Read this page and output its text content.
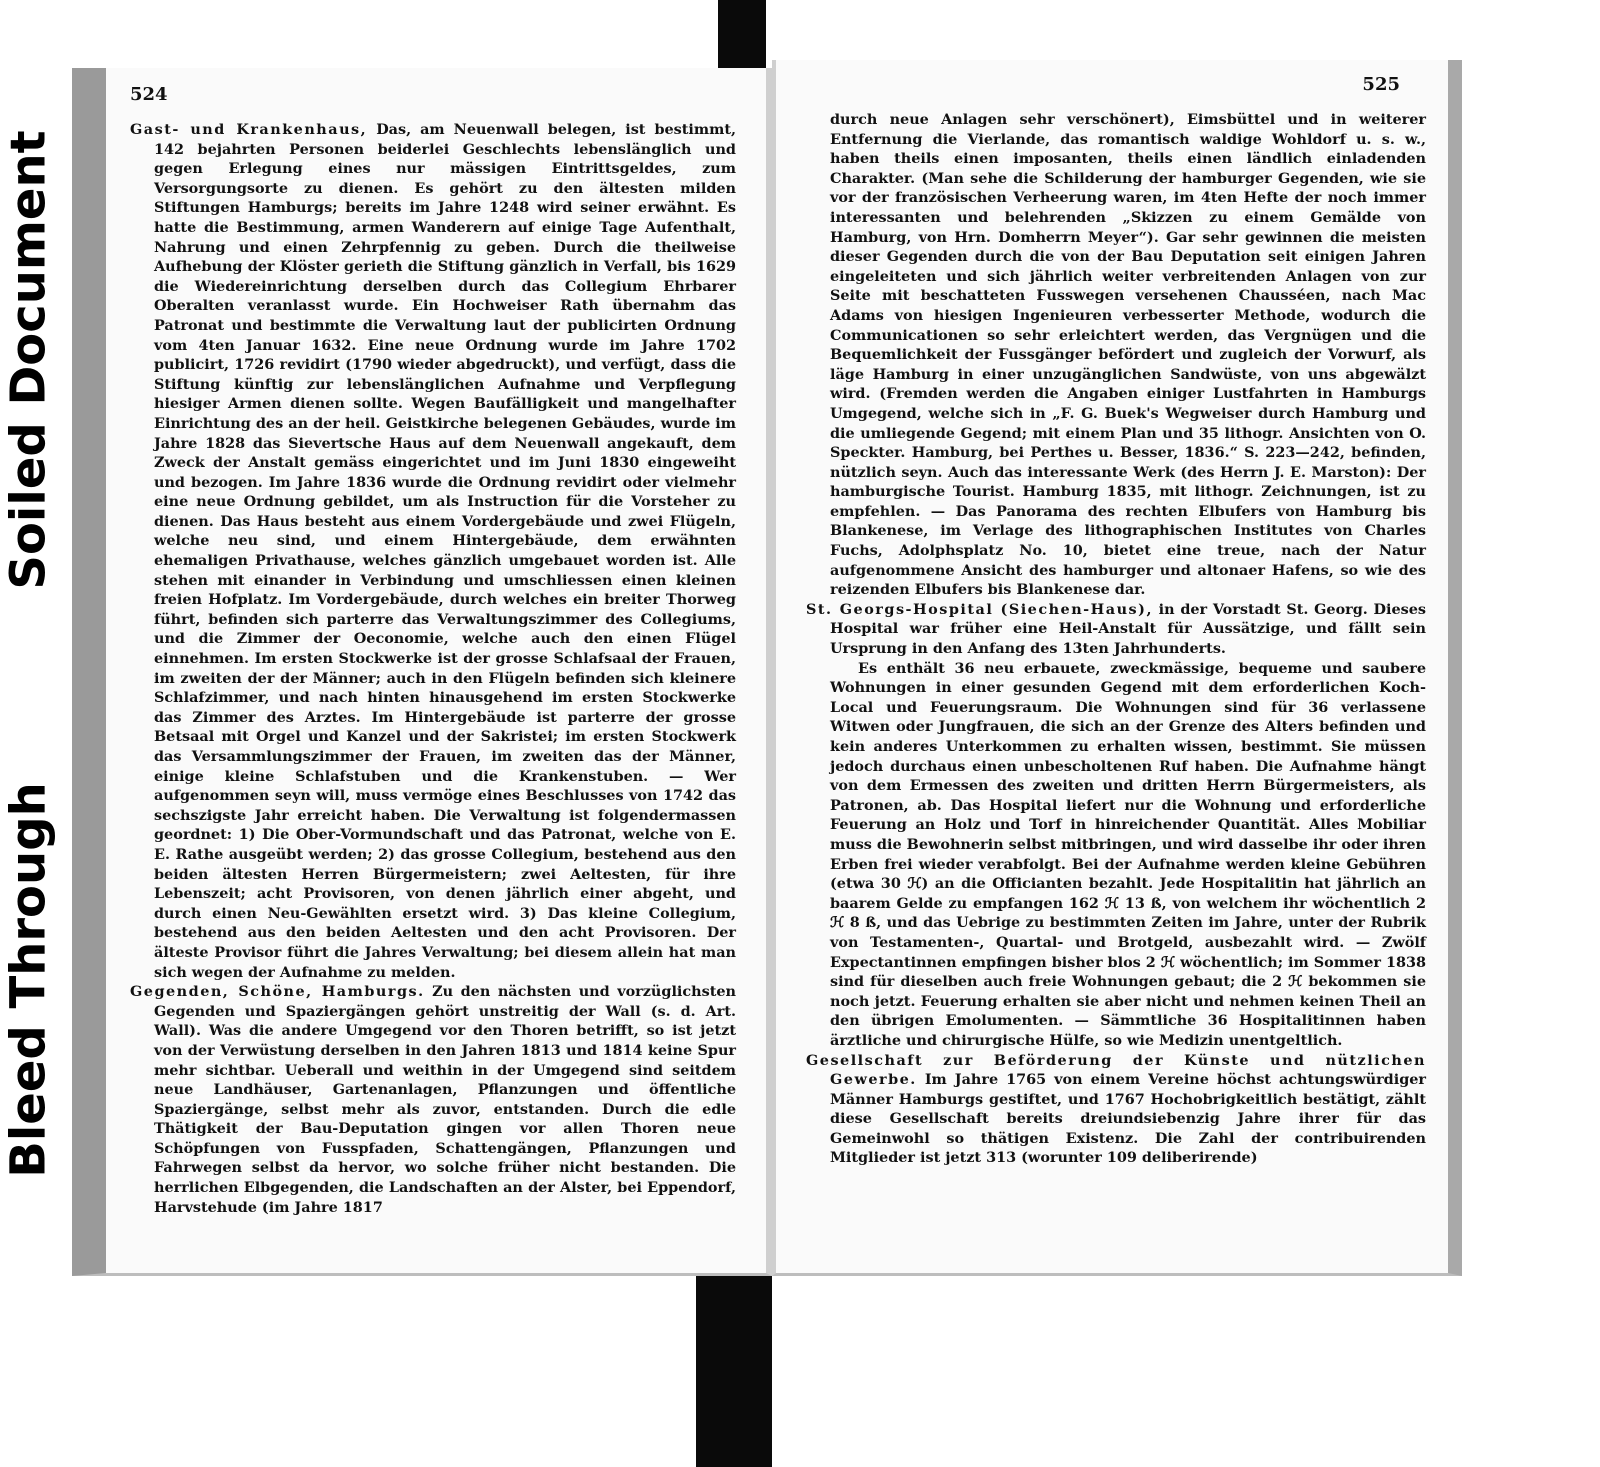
Soiled Document
Bleed Through
524

Gast- und Krankenhaus, Das, am Neuenwall belegen, ist bestimmt, 142 bejahrten Personen beiderlei Geschlechts lebenslänglich und gegen Erlegung eines nur mässigen Eintrittsgeldes, zum Versorgungsorte zu dienen. Es gehört zu den ältesten milden Stiftungen Hamburgs; bereits im Jahre 1248 wird seiner erwähnt. Es hatte die Bestimmung, armen Wanderern auf einige Tage Aufenthalt, Nahrung und einen Zehrpfennig zu geben. Durch die theilweise Aufhebung der Klöster gerieth die Stiftung gänzlich in Verfall, bis 1629 die Wiedereinrichtung derselben durch das Collegium Ehrbarer Oberalten veranlasst wurde. Ein Hochweiser Rath übernahm das Patronat und bestimmte die Verwaltung laut der publicirten Ordnung vom 4ten Januar 1632. Eine neue Ordnung wurde im Jahre 1702 publicirt, 1726 revidirt (1790 wieder abgedruckt), und verfügt, dass die Stiftung künftig zur lebenslänglichen Aufnahme und Verpflegung hiesiger Armen dienen sollte. Wegen Baufälligkeit und mangelhafter Einrichtung des an der heil. Geistkirche belegenen Gebäudes, wurde im Jahre 1828 das Sievertsche Haus auf dem Neuenwall angekauft, dem Zweck der Anstalt gemäss eingerichtet und im Juni 1830 eingeweiht und bezogen. Im Jahre 1836 wurde die Ordnung revidirt oder vielmehr eine neue Ordnung gebildet, um als Instruction für die Vorsteher zu dienen. Das Haus besteht aus einem Vordergebäude und zwei Flügeln, welche neu sind, und einem Hintergebäude, dem erwähnten ehemaligen Privathause, welches gänzlich umgebauet worden ist. Alle stehen mit einander in Verbindung und umschliessen einen kleinen freien Hofplatz. Im Vordergebäude, durch welches ein breiter Thorweg führt, befinden sich parterre das Verwaltungszimmer des Collegiums, und die Zimmer der Oeconomie, welche auch den einen Flügel einnehmen. Im ersten Stockwerke ist der grosse Schlafsaal der Frauen, im zweiten der der Männer; auch in den Flügeln befinden sich kleinere Schlafzimmer, und nach hinten hinausgehend im ersten Stockwerke das Zimmer des Arztes. Im Hintergebäude ist parterre der grosse Betsaal mit Orgel und Kanzel und der Sakristei; im ersten Stockwerk das Versammlungszimmer der Frauen, im zweiten das der Männer, einige kleine Schlafstuben und die Krankenstuben. — Wer aufgenommen seyn will, muss vermöge eines Beschlusses von 1742 das sechszigste Jahr erreicht haben. Die Verwaltung ist folgendermassen geordnet: 1) Die Ober-Vormundschaft und das Patronat, welche von E. E. Rathe ausgeübt werden; 2) das grosse Collegium, bestehend aus den beiden ältesten Herren Bürgermeistern; zwei Aeltesten, für ihre Lebenszeit; acht Provisoren, von denen jährlich einer abgeht, und durch einen Neu-Gewählten ersetzt wird. 3) Das kleine Collegium, bestehend aus den beiden Aeltesten und den acht Provisoren. Der älteste Provisor führt die Jahres Verwaltung; bei diesem allein hat man sich wegen der Aufnahme zu melden.

Gegenden, Schöne, Hamburgs. Zu den nächsten und vorzüglichsten Gegenden und Spaziergängen gehört unstreitig der Wall (s. d. Art. Wall). Was die andere Umgegend vor den Thoren betrifft, so ist jetzt von der Verwüstung derselben in den Jahren 1813 und 1814 keine Spur mehr sichtbar. Ueberall und weithin in der Umgegend sind seitdem neue Landhäuser, Gartenanlagen, Pflanzungen und öffentliche Spaziergänge, selbst mehr als zuvor, entstanden. Durch die edle Thätigkeit der Bau-Deputation gingen vor allen Thoren neue Schöpfungen von Fusspfaden, Schattengängen, Pflanzungen und Fahrwegen selbst da hervor, wo solche früher nicht bestanden. Die herrlichen Elbgegenden, die Landschaften an der Alster, bei Eppendorf, Harvstehude (im Jahre 1817

525

durch neue Anlagen sehr verschönert), Eimsbüttel und in weiterer Entfernung die Vierlande, das romantisch waldige Wohldorf u. s. w., haben theils einen imposanten, theils einen ländlich einladenden Charakter. (Man sehe die Schilderung der hamburger Gegenden, wie sie vor der französischen Verheerung waren, im 4ten Hefte der noch immer interessanten und belehrenden „Skizzen zu einem Gemälde von Hamburg, von Hrn. Domherrn Meyer“). Gar sehr gewinnen die meisten dieser Gegenden durch die von der Bau Deputation seit einigen Jahren eingeleiteten und sich jährlich weiter verbreitenden Anlagen von zur Seite mit beschatteten Fusswegen versehenen Chausséen, nach Mac Adams von hiesigen Ingenieuren verbesserter Methode, wodurch die Communicationen so sehr erleichtert werden, das Vergnügen und die Bequemlichkeit der Fussgänger befördert und zugleich der Vorwurf, als läge Hamburg in einer unzugänglichen Sandwüste, von uns abgewälzt wird. (Fremden werden die Angaben einiger Lustfahrten in Hamburgs Umgegend, welche sich in „F. G. Buek's Wegweiser durch Hamburg und die umliegende Gegend; mit einem Plan und 35 lithogr. Ansichten von O. Speckter. Hamburg, bei Perthes u. Besser, 1836.“ S. 223—242, befinden, nützlich seyn. Auch das interessante Werk (des Herrn J. E. Marston): Der hamburgische Tourist. Hamburg 1835, mit lithogr. Zeichnungen, ist zu empfehlen. — Das Panorama des rechten Elbufers von Hamburg bis Blankenese, im Verlage des lithographischen Institutes von Charles Fuchs, Adolphsplatz No. 10, bietet eine treue, nach der Natur aufgenommene Ansicht des hamburger und altonaer Hafens, so wie des reizenden Elbufers bis Blankenese dar.

St. Georgs-Hospital (Siechen-Haus), in der Vorstadt St. Georg. Dieses Hospital war früher eine Heil-Anstalt für Aussätzige, und fällt sein Ursprung in den Anfang des 13ten Jahrhunderts.

Es enthält 36 neu erbauete, zweckmässige, bequeme und saubere Wohnungen in einer gesunden Gegend mit dem erforderlichen Koch-Local und Feuerungsraum. Die Wohnungen sind für 36 verlassene Witwen oder Jungfrauen, die sich an der Grenze des Alters befinden und kein anderes Unterkommen zu erhalten wissen, bestimmt. Sie müssen jedoch durchaus einen unbescholtenen Ruf haben. Die Aufnahme hängt von dem Ermessen des zweiten und dritten Herrn Bürgermeisters, als Patronen, ab. Das Hospital liefert nur die Wohnung und erforderliche Feuerung an Holz und Torf in hinreichender Quantität. Alles Mobiliar muss die Bewohnerin selbst mitbringen, und wird dasselbe ihr oder ihren Erben frei wieder verabfolgt. Bei der Aufnahme werden kleine Gebühren (etwa 30 ℋ) an die Officianten bezahlt. Jede Hospitalitin hat jährlich an baarem Gelde zu empfangen 162 ℋ 13 ß, von welchem ihr wöchentlich 2 ℋ 8 ß, und das Uebrige zu bestimmten Zeiten im Jahre, unter der Rubrik von Testamenten-, Quartal- und Brotgeld, ausbezahlt wird. — Zwölf Expectantinnen empfingen bisher blos 2 ℋ wöchentlich; im Sommer 1838 sind für dieselben auch freie Wohnungen gebaut; die 2 ℋ bekommen sie noch jetzt. Feuerung erhalten sie aber nicht und nehmen keinen Theil an den übrigen Emolumenten. — Sämmtliche 36 Hospitalitinnen haben ärztliche und chirurgische Hülfe, so wie Medizin unentgeltlich.

Gesellschaft zur Beförderung der Künste und nützlichen Gewerbe. Im Jahre 1765 von einem Vereine höchst achtungswürdiger Männer Hamburgs gestiftet, und 1767 Hochobrigkeitlich bestätigt, zählt diese Gesellschaft bereits dreiundsiebenzig Jahre ihrer für das Gemeinwohl so thätigen Existenz. Die Zahl der contribuirenden Mitglieder ist jetzt 313 (worunter 109 deliberirende)
